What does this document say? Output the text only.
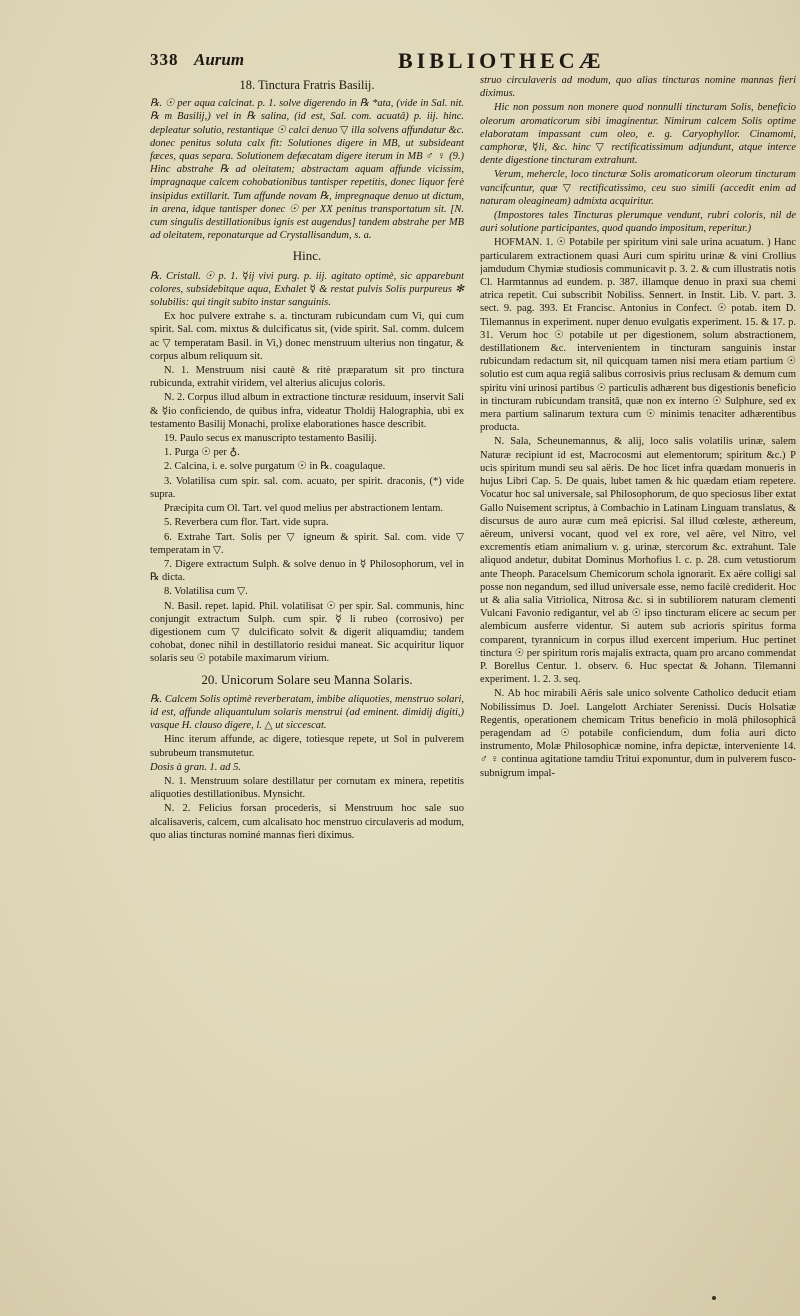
338 Aurum	BIBLIOTHECÆ

18. Tinctura Fratris Basilij.

℞. ☉ per aqua calcinat. p. 1. solve digerendo in ℞ *ata, (vide in Sal. nit. ℞ m Basilij,) vel in ℞ salina, (id est, Sal. com. acuatâ) p. iij. hinc. depleatur solutio, restantique ☉ calci denuo ▽ illa solvens affundatur &c. donec penitus soluta calx fit: Solutiones digere in MB, ut subsideant fæces, quas separa. Solutionem defæcatam digere iterum in MB ♂ ♀ (9.) Hinc abstrahe ℞ ad oleitatem; abstractam aquam affunde vicissim, impragnaque calcem cohobationibus tantisper repetitis, donec liquor ferè insipidus extillarit. Tum affunde novam ℞, impregnaque denuo ut dictum, in arena, idque tantisper donec ☉ per XX penitus transportatum sit. [N. cum singulis destillationibus ignis est augendus] tandem abstrahe per MB ad oleitatem, reponaturque ad Crystallisandum, s. a.

Hinc.

℞. Cristall. ☉ p. 1. ☿ij vivi purg. p. iij. agitato optimè, sic apparebunt colores, subsidebitque aqua, Exhalet ☿ & restat pulvis Solis purpureus ✻ solubilis: qui tingit subito instar sanguinis.

Ex hoc pulvere extrahe s. a. tincturam rubicundam cum Vi, qui cum spirit. Sal. com. mixtus & dulcificatus sit, (vide spirit. Sal. comm. dulcem ac ▽ temperatam Basil. in Vi,) donec menstruum ulterius non tingatur, & corpus album reliquum sit.

N. 1. Menstruum nisi cautè & ritè præparatum sit pro tinctura rubicunda, extrahit viridem, vel alterius alicujus coloris.

N. 2. Corpus illud album in extractione tincturæ residuum, inservit Sali & ☿io conficiendo, de quibus infra, videatur Tholdij Halographia, ubi ex testamento Basilij Monachi, prolixe elaborationes hasce describit.

19. Paulo secus ex manuscripto testamento Basilij.

1. Purga ☉ per ♁.

2. Calcina, i. e. solve purgatum ☉ in ℞. coagulaque.

3. Volatilisa cum spir. sal. com. acuato, per spirit. draconis, (*) vide supra.

Præcipita cum Ol. Tart. vel quod melius per abstractionem lentam.

5. Reverbera cum flor. Tart. vide supra.

6. Extrahe Tart. Solis per ▽ igneum & spirit. Sal. com. vide ▽ temperatam in ▽.

7. Digere extractum Sulph. & solve denuo in ☿ Philosophorum, vel in ℞ dicta.

8. Volatilisa cum ▽.

N. Basil. repet. lapid. Phil. volatilisat ☉ per spir. Sal. communis, hinc conjungit extractum Sulph. cum spir. ☿ li rubeo (corrosivo) per digestionem cum ▽ dulcificato solvit & digerit aliquamdiu; tandem cohobat, donec nihil in destillatorio residui maneat. Sic acquiritur liquor solaris seu ☉ potabile maximarum virium.

20. Unicorum Solare seu Manna Solaris.

℞. Calcem Solis optimè reverberatam, imbibe aliquoties, menstruo solari, id est, affunde aliquantulum solaris menstrui (ad eminent. dimidij digiti,) vasque H. clauso digere, l. △ ut siccescat.

Hinc iterum affunde, ac digere, totiesque repete, ut Sol in pulverem subrubeum transmutetur.

Dosis à gran. 1. ad 5.

N. 1. Menstruum solare destillatur per cornutam ex minera, repetitis aliquoties destillationibus. Mynsicht.

N. 2. Felicius forsan procederis, si Menstruum hoc sale suo alcalisaveris, calcem, cum alcalisato hoc menstruo circulaveris ad modum, quo alias tincturas nominé mannas fieri diximus.

struo circulaveris ad modum, quo alias tincturas nomine mannas fieri diximus.

Hic non possum non monere quod nonnulli tincturam Solis, beneficio oleorum aromaticorum sibi imaginentur. Nimirum calcem Solis optime elaboratam impassant cum oleo, e. g. Caryophyllor. Cinamomi, camphoræ, ☿li, &c. hinc ▽ rectificatissimum adjundunt, atque interce dente digestione tincturam extrahunt.

Verum, mehercle, loco tincturæ Solis aromaticorum oleorum tincturam vancifcuntur, quæ ▽ rectificatissimo, ceu suo simili (accedit enim ad naturam oleagineam) admixta acquiritur.

(Impostores tales Tincturas plerumque vendunt, rubri coloris, nil de auri solutione participantes, quod quando impositum, reperitur.)

HOFMAN. 1. ☉ Potabile per spiritum vini sale urina acuatum. ) Hanc particularem extractionem quasi Auri cum spiritu urinæ & vini Crollius jamdudum Chymiæ studiosis communicavit p. 3. 2. & cum illustratis notis Cl. Harmtannus ad eundem. p. 387. illamque denuo in praxi sua chemi atrica repetit. Cui subscribit Nobiliss. Sennert. in Instit. Lib. V. part. 3. sect. 9. pag. 393. Et Francisc. Antonius in Confect. ☉ potab. item D. Tilemannus in experiment. nuper denuo evulgatis experiment. 15. & 17. p. 31. Verum hoc ☉ potabile ut per digestionem, solum abstractionem, destillationem &c. intervenientem in tincturam sanguinis instar rubicundam redactum sit, nil quicquam tamen nisi mera etiam partium ☉ solutio est cum aqua regiâ salibus corrosivis prius reclusam & demum cum spiritu vini urinosi partibus ☉ particulis adhærent bus digestionis beneficio in tincturam rubicundam transitâ, quæ non ex interno ☉ Sulphure, sed ex mera partium salinarum textura cum ☉ minimis tenaciter adhærentibus producta.

N. Sala, Scheunemannus, & alij, loco salis volatilis urinæ, salem Naturæ recipiunt id est, Macrocosmi aut elementorum; spiritum &c.) P ucis spiritum mundi seu sal aëris. De hoc licet infra quædam monueris in hujus Libri Cap. 5. De quais, lubet tamen & hic quædam etiam repetere. Vocatur hoc sal universale, sal Philosophorum, de quo speciosus liber extat Gallo Nuisement scriptus, à Combachio in Latinam Linguam translatus, & discursus de auro auræ cum meâ epicrisi. Sal illud cœleste, æthereum, aëreum, universi vocant, quod vel ex rore, vel aëre, vel Nitro, vel excrementis etiam animalium v. g. urinæ, stercorum &c. extrahunt. Tale aliquod andetur, dubitat Dominus Morhofius l. c. p. 28. cum vetustiorum ante Theoph. Paracelsum Chemicorum schola ignorarit. Ex aëre colligi sal posse non negandum, sed illud universale esse, nemo facilè crediderit. Hoc ut & alia salia Vitriolica, Nitrosa &c. si in subtiliorem naturam clementi Vulcani Favonio redigantur, vel ab ☉ ipso tincturam elicere ac secum per alembicum ausferre videntur. Si autem sub acrioris spiritus forma comparent, tyrannicum in corpus illud exercent imperium. Huc pertinet tinctura ☉ per spiritum roris majalis extracta, quam pro arcano commendat P. Borellus Centur. 1. observ. 6. Huc spectat & Johann. Tilemanni experiment. 1. 2. 3. seq.

N. Ab hoc mirabili Aëris sale unico solvente Catholico deducit etiam Nobilissimus D. Joel. Langelott Archiater Serenissi. Ducis Holsatiæ Regentis, operationem chemicam Tritus beneficio in molâ philosophicâ peragendam ad ☉ potabile conficiendum, dum folia auri dicto instrumento, Molæ Philosophicæ nomine, infra depictæ, interveniente 14. ♂ ♀ continua agitatione tamdiu Tritui exponuntur, dum in pulverem fusco-subnigrum impal-
